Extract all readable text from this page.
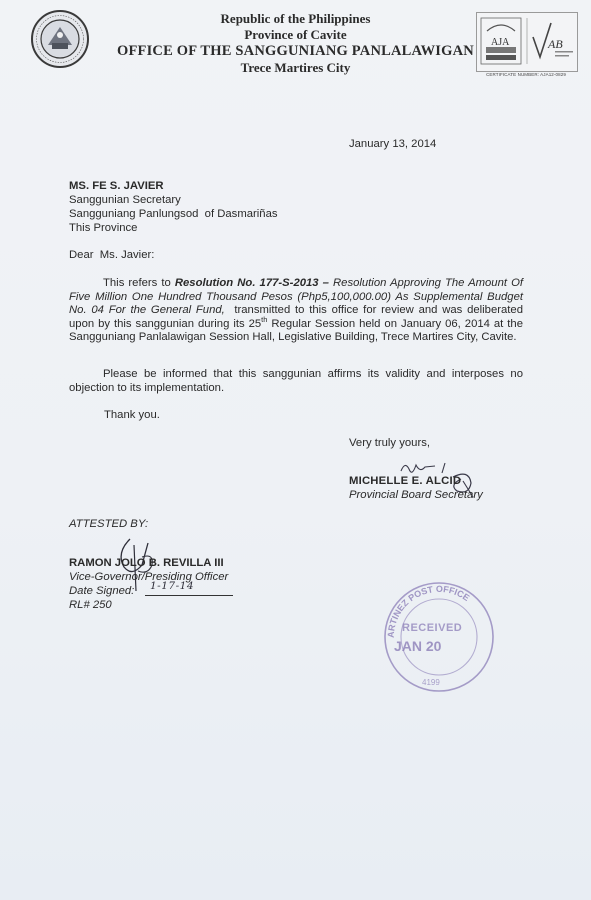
Republic of the Philippines
Province of Cavite
OFFICE OF THE SANGGUNIANG PANLALAWIGAN
Trece Martires City
AJA	AB
CERTIFICATE NUMBER: AJA12-0829
January 13, 2014
MS. FE S. JAVIER
Sanggunian Secretary
Sangguniang Panlungsod  of Dasmariñas
This Province
Dear  Ms. Javier:
This refers to Resolution No. 177-S-2013 – Resolution Approving The Amount Of Five Million One Hundred Thousand Pesos (Php5,100,000.00) As Supplemental Budget No. 04 For the General Fund,  transmitted to this office for review and was deliberated upon by this sanggunian during its 25th Regular Session held on January 06, 2014 at the Sangguniang Panlalawigan Session Hall, Legislative Building, Trece Martires City, Cavite.
Please be informed that this sanggunian affirms its validity and interposes no objection to its implementation.
Thank you.
Very truly yours,
MICHELLE E. ALCID
Provincial Board Secretary
ATTESTED BY:
RAMON JOLO B. REVILLA III
Vice-Governor/Presiding Officer
Date Signed: 1-17-14
RL# 250
ARTINEZ POST OFFICE
RECEIVED
JAN 20
4199
